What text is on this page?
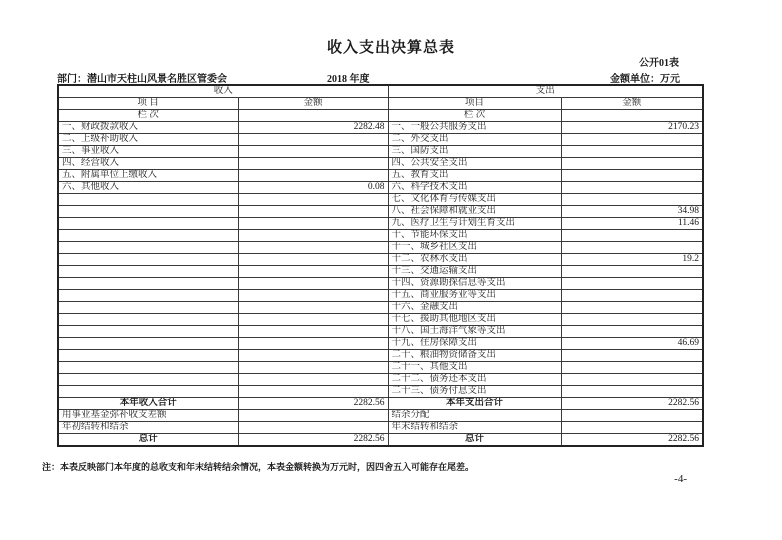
收入支出决算总表
公开01表
部门：潜山市天柱山风景名胜区管委会	2018 年度	金额单位：万元
收入		支出	
项 目	金额	项目	金额
栏 次		栏 次	
一、财政拨款收入	2282.48	一、一般公共服务支出	2170.23
二、上级补助收入		二、外交支出	
三、事业收入		三、国防支出	
四、经营收入		四、公共安全支出	
五、附属单位上缴收入		五、教育支出	
六、其他收入	0.08	六、科学技术支出	
		七、文化体育与传媒支出	
		八、社会保障和就业支出	34.98
		九、医疗卫生与计划生育支出	11.46
		十、节能环保支出	
		十一、城乡社区支出	
		十二、农林水支出	19.2
		十三、交通运输支出	
		十四、资源勘探信息等支出	
		十五、商业服务业等支出	
		十六、金融支出	
		十七、援助其他地区支出	
		十八、国土海洋气象等支出	
		十九、住房保障支出	46.69
		二十、粮油物资储备支出	
		二十一、其他支出	
		二十二、债务还本支出	
		二十三、债务付息支出	
本年收入合计	2282.56	本年支出合计	2282.56
用事业基金弥补收支差额		结余分配	
年初结转和结余		年末结转和结余	
总计	2282.56	总计	2282.56
注：本表反映部门本年度的总收支和年末结转结余情况，本表金额转换为万元时，因四舍五入可能存在尾差。
-4-
